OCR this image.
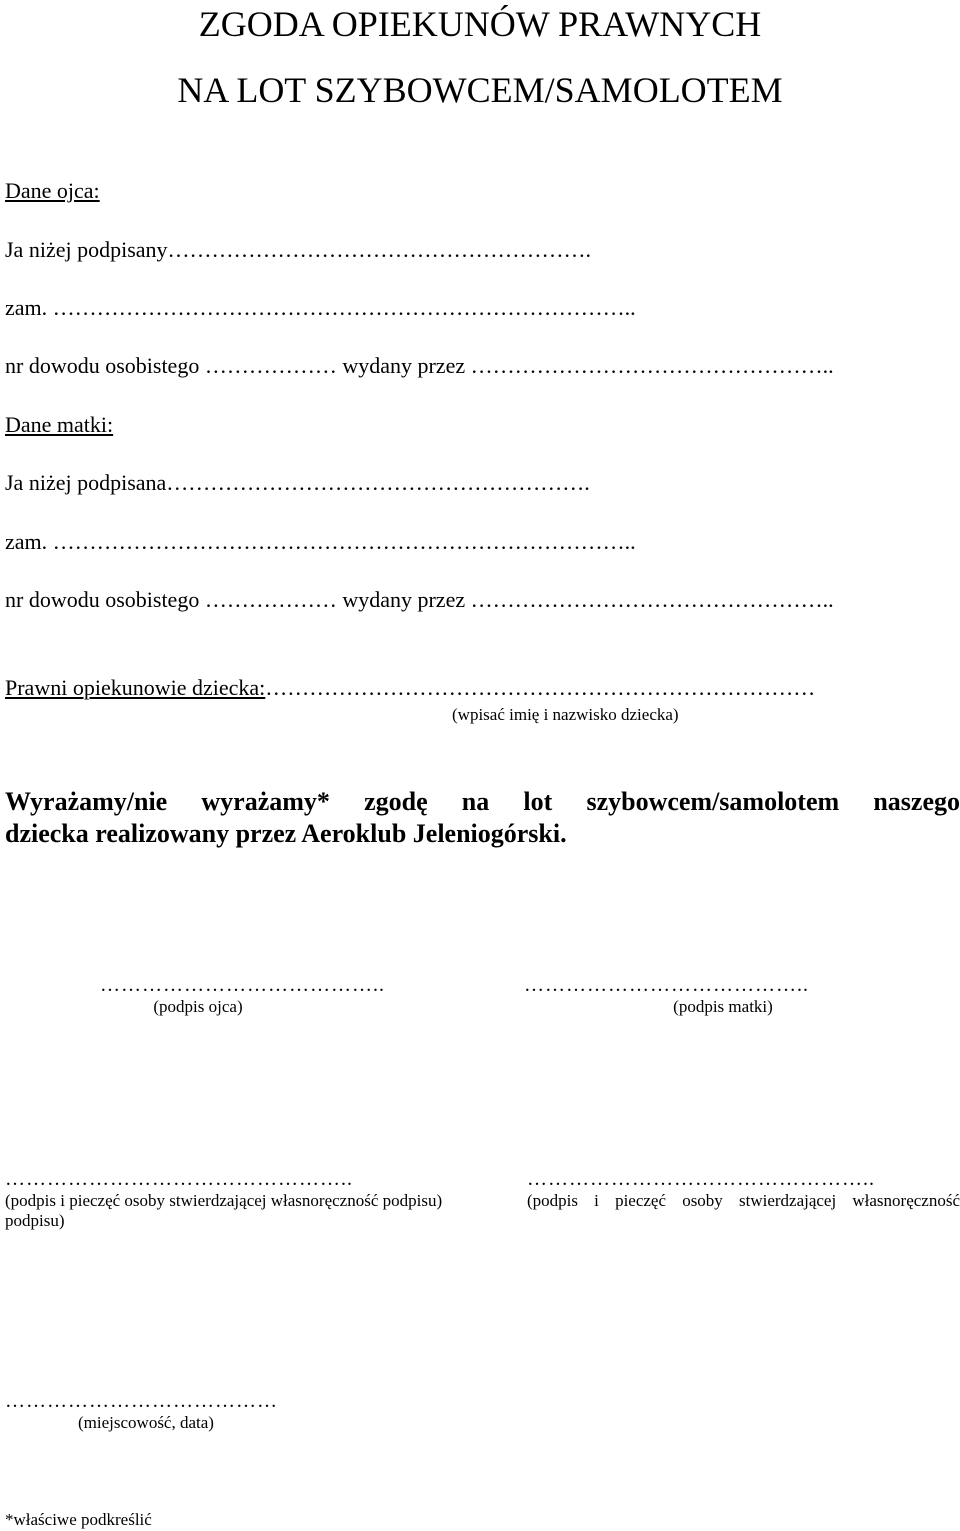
ZGODA OPIEKUNÓW PRAWNYCH
NA LOT SZYBOWCEM/SAMOLOTEM
Dane ojca:
Ja niżej podpisany………………………………………………….
zam. ……………………………………………………………………..
nr dowodu osobistego ……………… wydany przez …………………………………………..
Dane matki:
Ja niżej podpisana………………………………………………….
zam. ……………………………………………………………………..
nr dowodu osobistego ……………… wydany przez …………………………………………..
Prawni opiekunowie dziecka:…………………………………………………………………
(wpisać imię i nazwisko dziecka)
Wyrażamy/nie wyrażamy* zgodę na lot szybowcem/samolotem naszego
dziecka realizowany przez Aeroklub Jeleniogórski.
…………………………………..
(podpis ojca)
…………………………………..
(podpis matki)
…………………………………………..
(podpis i pieczęć osoby stwierdzającej własnoręczność podpisu)
podpisu)
…………………………………………..
(podpis i pieczęć osoby stwierdzającej własnoręczność
…………………………………
(miejscowość, data)
*właściwe podkreślić
